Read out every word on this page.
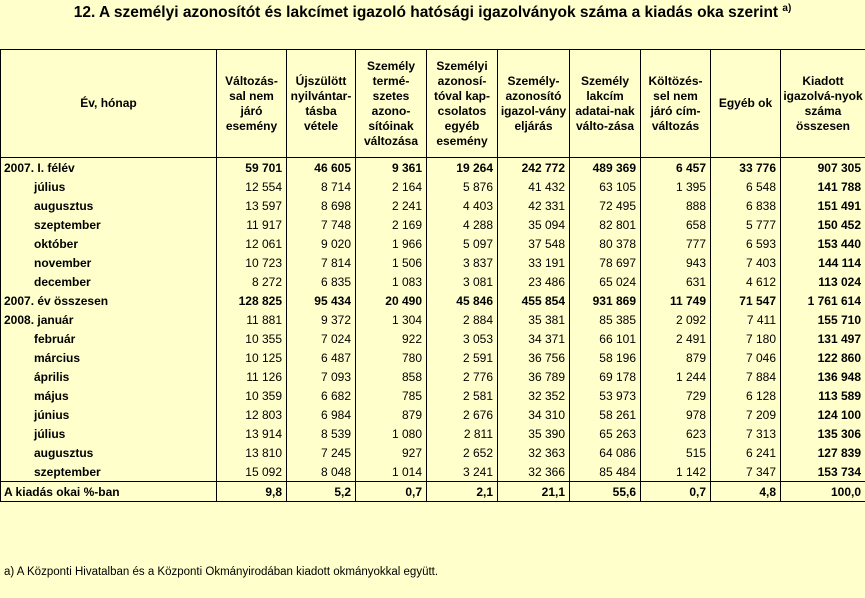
12. A személyi azonosítót és lakcímet igazoló hatósági igazolványok száma a kiadás oka szerint $^{a)}$
Év, hónap	Változás-sal nem járó esemény	Újszülött nyilvántar-tásba vétele	Személy termé-szetes azono-sítóinak változása	Személyi azonosí-tóval kap-csolatos egyéb esemény	Személy-azonosító igazol-vány eljárás	Személy lakcím adatai-nak válto-zása	Költözés-sel nem járó cím-változás	Egyéb ok	Kiadott igazolvá-nyok száma összesen
2007. I. félév	59 701	46 605	9 361	19 264	242 772	489 369	6 457	33 776	907 305
július	12 554	8 714	2 164	5 876	41 432	63 105	1 395	6 548	141 788
augusztus	13 597	8 698	2 241	4 403	42 331	72 495	888	6 838	151 491
szeptember	11 917	7 748	2 169	4 288	35 094	82 801	658	5 777	150 452
október	12 061	9 020	1 966	5 097	37 548	80 378	777	6 593	153 440
november	10 723	7 814	1 506	3 837	33 191	78 697	943	7 403	144 114
december	8 272	6 835	1 083	3 081	23 486	65 024	631	4 612	113 024
2007. év összesen	128 825	95 434	20 490	45 846	455 854	931 869	11 749	71 547	1 761 614
2008. január	11 881	9 372	1 304	2 884	35 381	85 385	2 092	7 411	155 710
február	10 355	7 024	922	3 053	34 371	66 101	2 491	7 180	131 497
március	10 125	6 487	780	2 591	36 756	58 196	879	7 046	122 860
április	11 126	7 093	858	2 776	36 789	69 178	1 244	7 884	136 948
május	10 359	6 682	785	2 581	32 352	53 973	729	6 128	113 589
június	12 803	6 984	879	2 676	34 310	58 261	978	7 209	124 100
július	13 914	8 539	1 080	2 811	35 390	65 263	623	7 313	135 306
augusztus	13 810	7 245	927	2 652	32 363	64 086	515	6 241	127 839
szeptember	15 092	8 048	1 014	3 241	32 366	85 484	1 142	7 347	153 734
A kiadás okai %-ban	9,8	5,2	0,7	2,1	21,1	55,6	0,7	4,8	100,0
a) A Központi Hivatalban és a Központi Okmányirodában kiadott okmányokkal együtt.
